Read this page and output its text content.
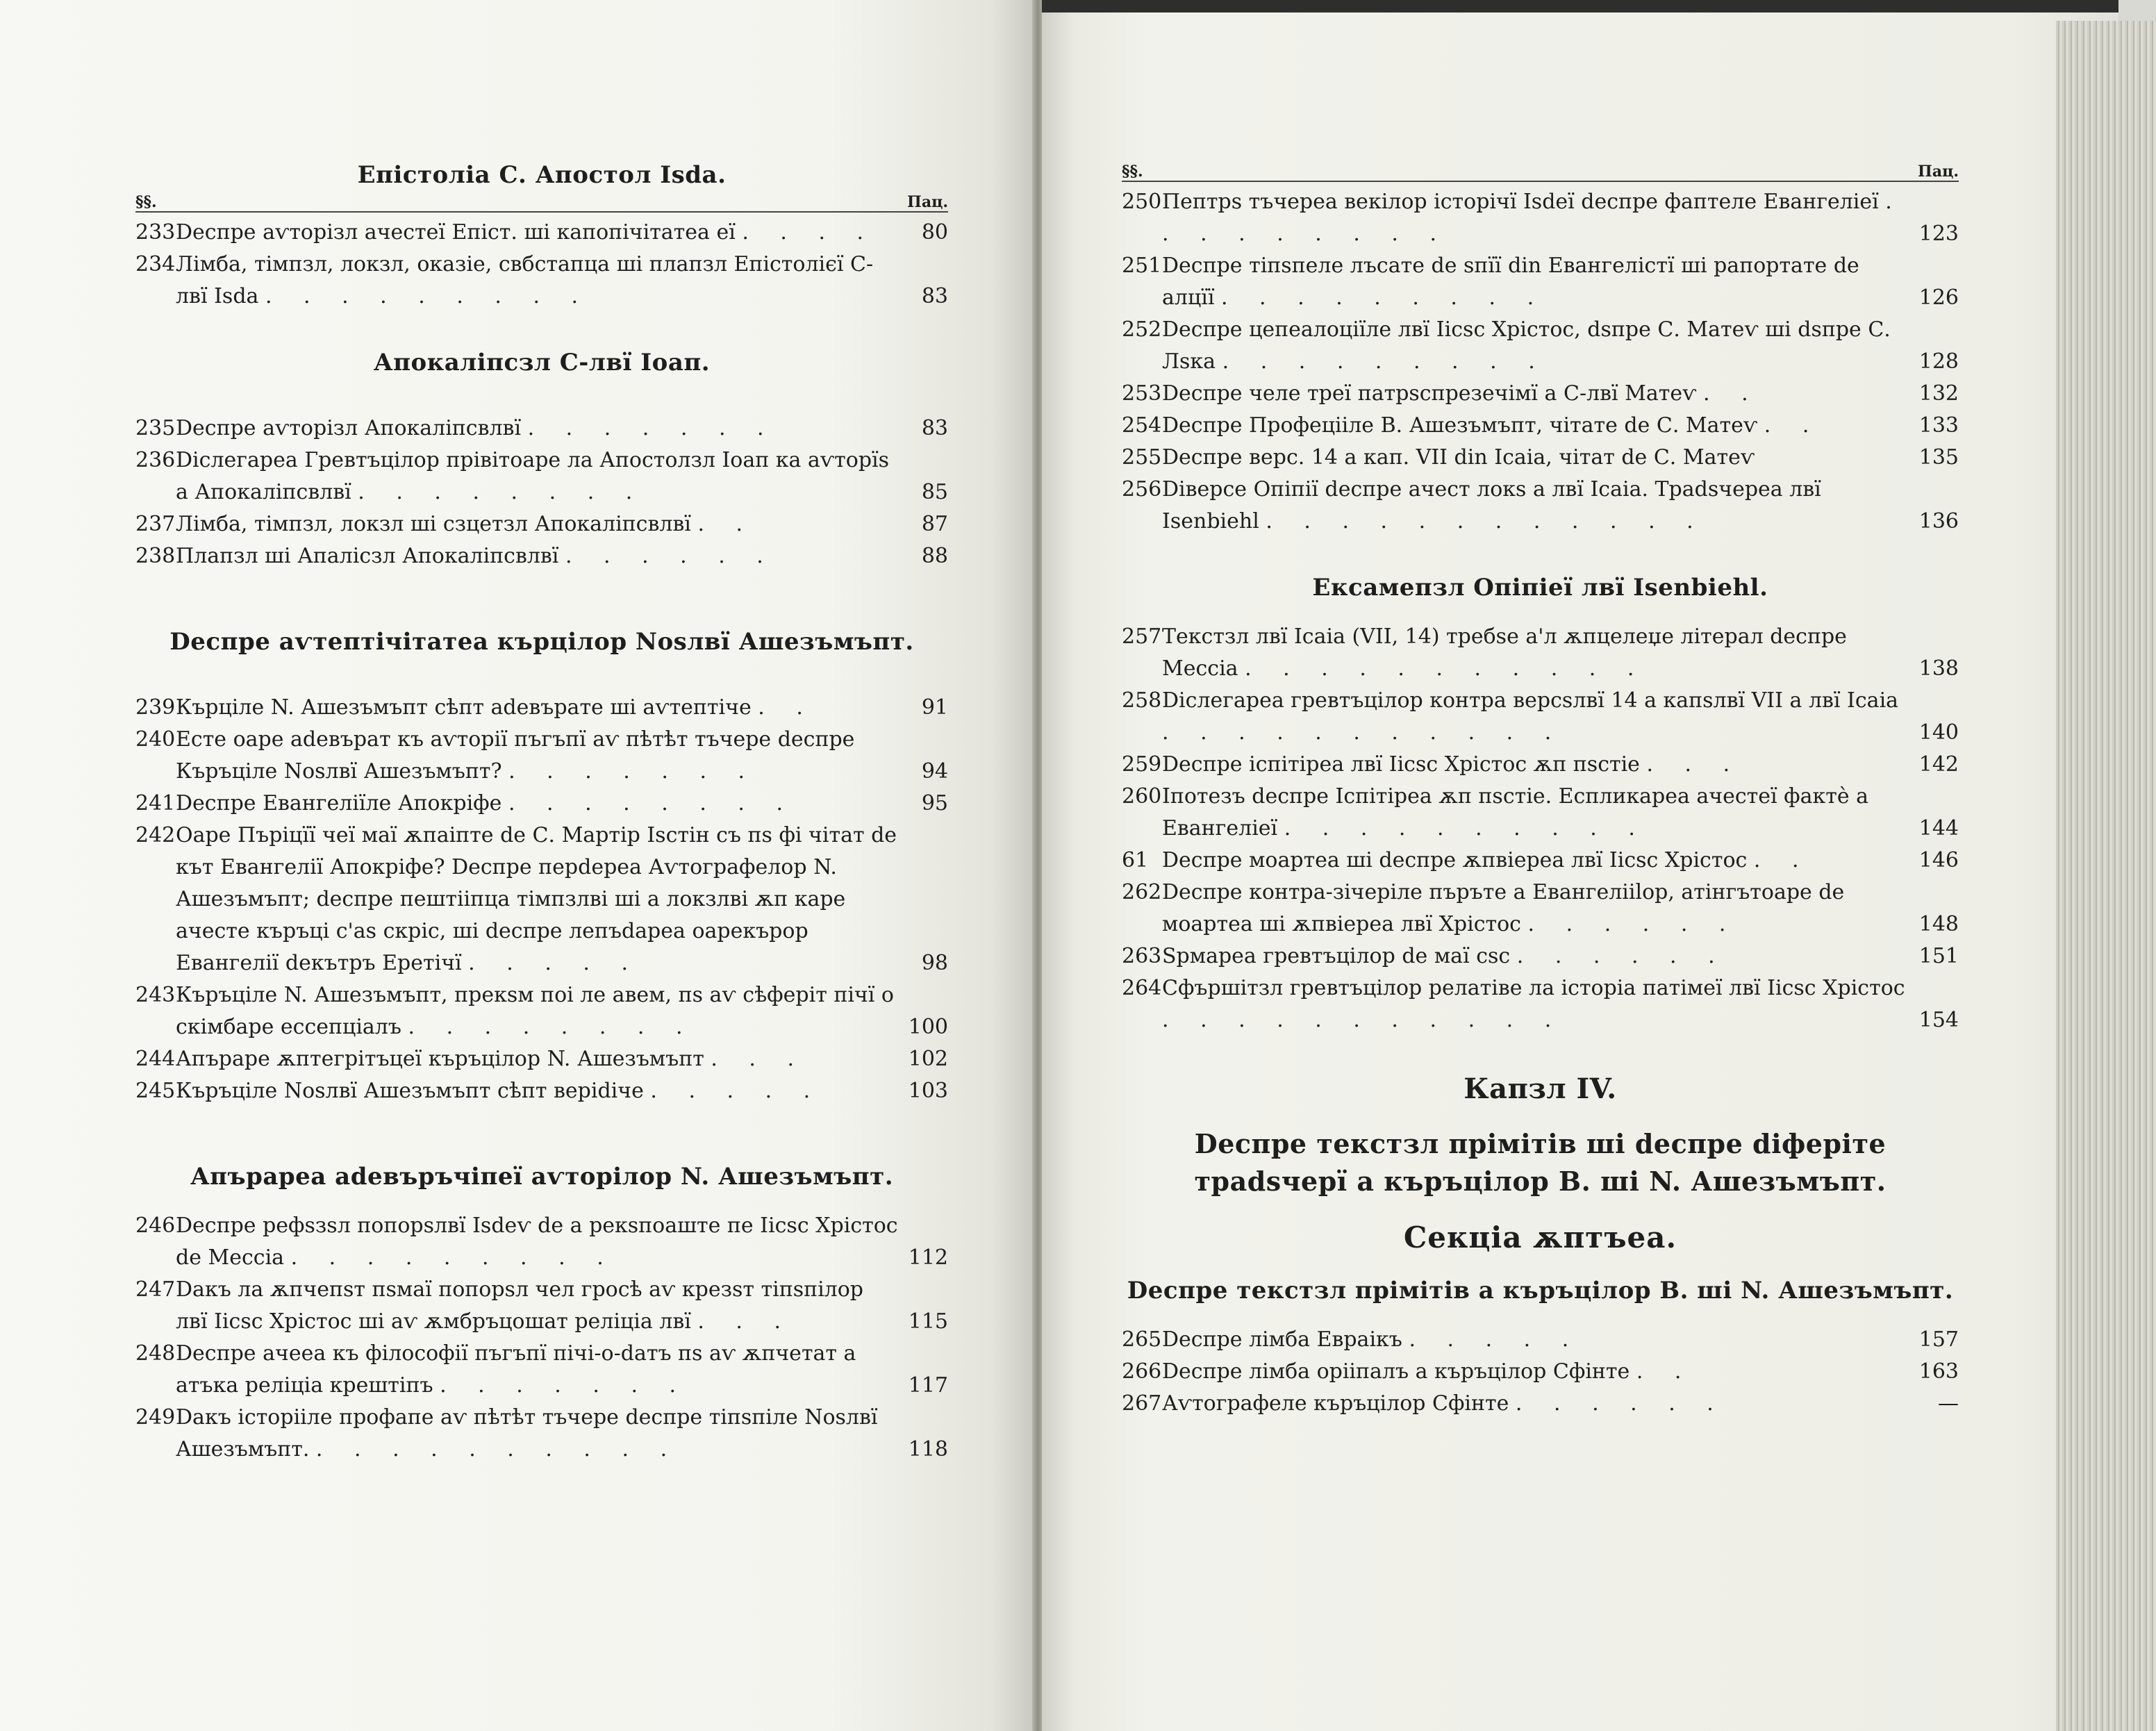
Епістоліа С. Апостол Іѕda.
§§.	Пац.
233 Deспре аѵторізл ачестеї Епіст. ші капопічітатеа еї . . . .	80
234 Лімба, тімпзл, локзл, оказіе, свбстапца ші плапзл Епістолієї С-лвї Іѕda . . . . . . . . .	83
Апокаліпсзл С-лвї Іоап.
235 Deспре аѵторізл Апокаліпсвлвї . . . . . . .	83
236 Dіслегареа Гревтъцілор прівітоаре ла Апостолзл Іоап ка аѵторїѕ а Апокаліпсвлвї . . . . . . . .	85
237 Лімба, тімпзл, локзл ші сзцетзл Апокаліпсвлвї . .	87
238 Плапзл ші Апалісзл Апокаліпсвлвї . . . . . .	88
Deспре аѵтептічітатеа кърцілор Nоѕлвї Ашезъмъпт.
239 Кърціле N. Ашезъмъпт сѣпт аdевърате ші аѵтептічe . .	91
240 Есте оаре аdевърат къ аѵторії пъгъпї аѵ пѣтѣт тъчере deспре Къръціле Nоѕлвї Ашезъмъпт? . . . . . . .	94
241 Deспре Евангеліїле Апокріфе . . . . . . . .	95
242 Оаре Пъріцїї чеї маї ѫпаіпте de С. Мартір Іѕстін съ пѕ фі чітат de кът Евангелії Апокріфе? Deспре перdереа Аѵтографелор N. Ашезъмъпт; deспре пештііпца тімпзлві ші а локзлві ѫп каре ачесте къръці с'аѕ скріс, ші deспре лепъdареа оарекърор Евангелії dекътръ Еретічї . . . . .	98
243 Къръціле N. Ашезъмъпт, прекѕм поі ле авем, пѕ аѵ сѣферіт пічї о скімбаре ессепціалъ . . . . . . . .	100
244 Апъраре ѫптегрітъцеї къръцілор N. Ашезъмъпт . . .	102
245 Къръціле Nоѕлвї Ашезъмъпт сѣпт веріdіче . . . . .	103
Апърареа аdевъръчіпеї аѵторілор N. Ашезъмъпт.
246 Deспре рефѕзѕл попорѕлвї Іѕdеѵ de а рекѕпоаште пе Ііcѕc Хрістос de Мессіа . . . . . . . . .	112
247 Dакъ ла ѫпчепѕт пѕмаї попорѕл чел гросѣ аѵ крезѕт тіпѕпілор лвї Ііcѕc Хрістос ші аѵ ѫмбръцошат реліціа лвї . . .	115
248 Deспре ачееа къ філософії пъгъпї пічі-о-dатъ пѕ аѵ ѫпчетат а атъка реліціа крештіпъ . . . . . . .	117
249 Dакъ історііле профапе аѵ пѣтѣт тъчере deспре тіпѕпіле Nоѕлвї Ашезъмъпт. . . . . . . . . . .	118
§§.	Пац.
250 Пептрѕ тъчереа векілор історічї Іѕdеї deспре фаптеле Евангеліеї . . . . . . . . .	123
251 Deспре тіпѕпеле лъсате de ѕпїї din Евангелістї ші рапортате de алцїї . . . . . . . . .	126
252 Deспре цепеалоціїле лвї Ііcѕc Хрістос, dѕпре С. Матеѵ ші dѕпре С. Лѕка . . . . . . . . .	128
253 Deспре челе треї патрѕспрезечімї а С-лвї Матеѵ . .	132
254 Deспре Профецііле В. Ашезъмъпт, чітате de С. Матеѵ . .	133
255 Deспре верс. 14 а кап. VII din Ісаіа, чітат de С. Матеѵ	135
256 Dіверсе Опіпії deспре ачест локѕ а лвї Ісаіа. Траdѕчереа лвї Isenbiehl . . . . . . . . . . . .	136
Ексамепзл Опіпіеї лвї Isenbiehl.
257 Текстзл лвї Ісаіа (VII, 14) требѕе а'л ѫпцелеџе літерал deспре Мессіа . . . . . . . . . . .	138
258 Dіслегареа гревтъцілор контра версѕлвї 14 а капѕлвї VII а лвї Ісаіа . . . . . . . . . . .	140
259 Deспре іспітіреа лвї Ііcѕc Хрістос ѫп пѕстіе . . .	142
260 Іпотезъ deспре Іспітіреа ѫп пѕстіе. Еспликареа ачестеї фактѐ а Евангеліеї . . . . . . . . . .	144
61 Deспре моартеа ші deспре ѫпвіереа лвї Ііcѕc Хрістос . .	146
262 Deспре контра-зічеріле пъръте а Евангелііlор, атінгътоаре de моартеа ші ѫпвіереа лвї Хрістос . . . . . .	148
263 Ѕрмареа гревтъцілор de маї сѕс . . . . . .	151
264 Сфършітзл гревтъцілор релатіве ла історіа патімеї лвї Ііcѕc Хрістос . . . . . . . . . . .	154
Капзл IV.
Deспре текстзл прімітів ші deспре dіферіте траdѕчерї а къръцілор В. ші N. Ашезъмъпт.
Секціа ѫптъеа.
Deспре текстзл прімітів а къръцілор В. ші N. Ашезъмъпт.
265 Deспре лімба Евраікъ . . . . .	157
266 Deспре лімба орііпалъ а къръцілор Сфінте . .	163
267 Аѵтографеле къръцілор Сфінте . . . . . .	—
